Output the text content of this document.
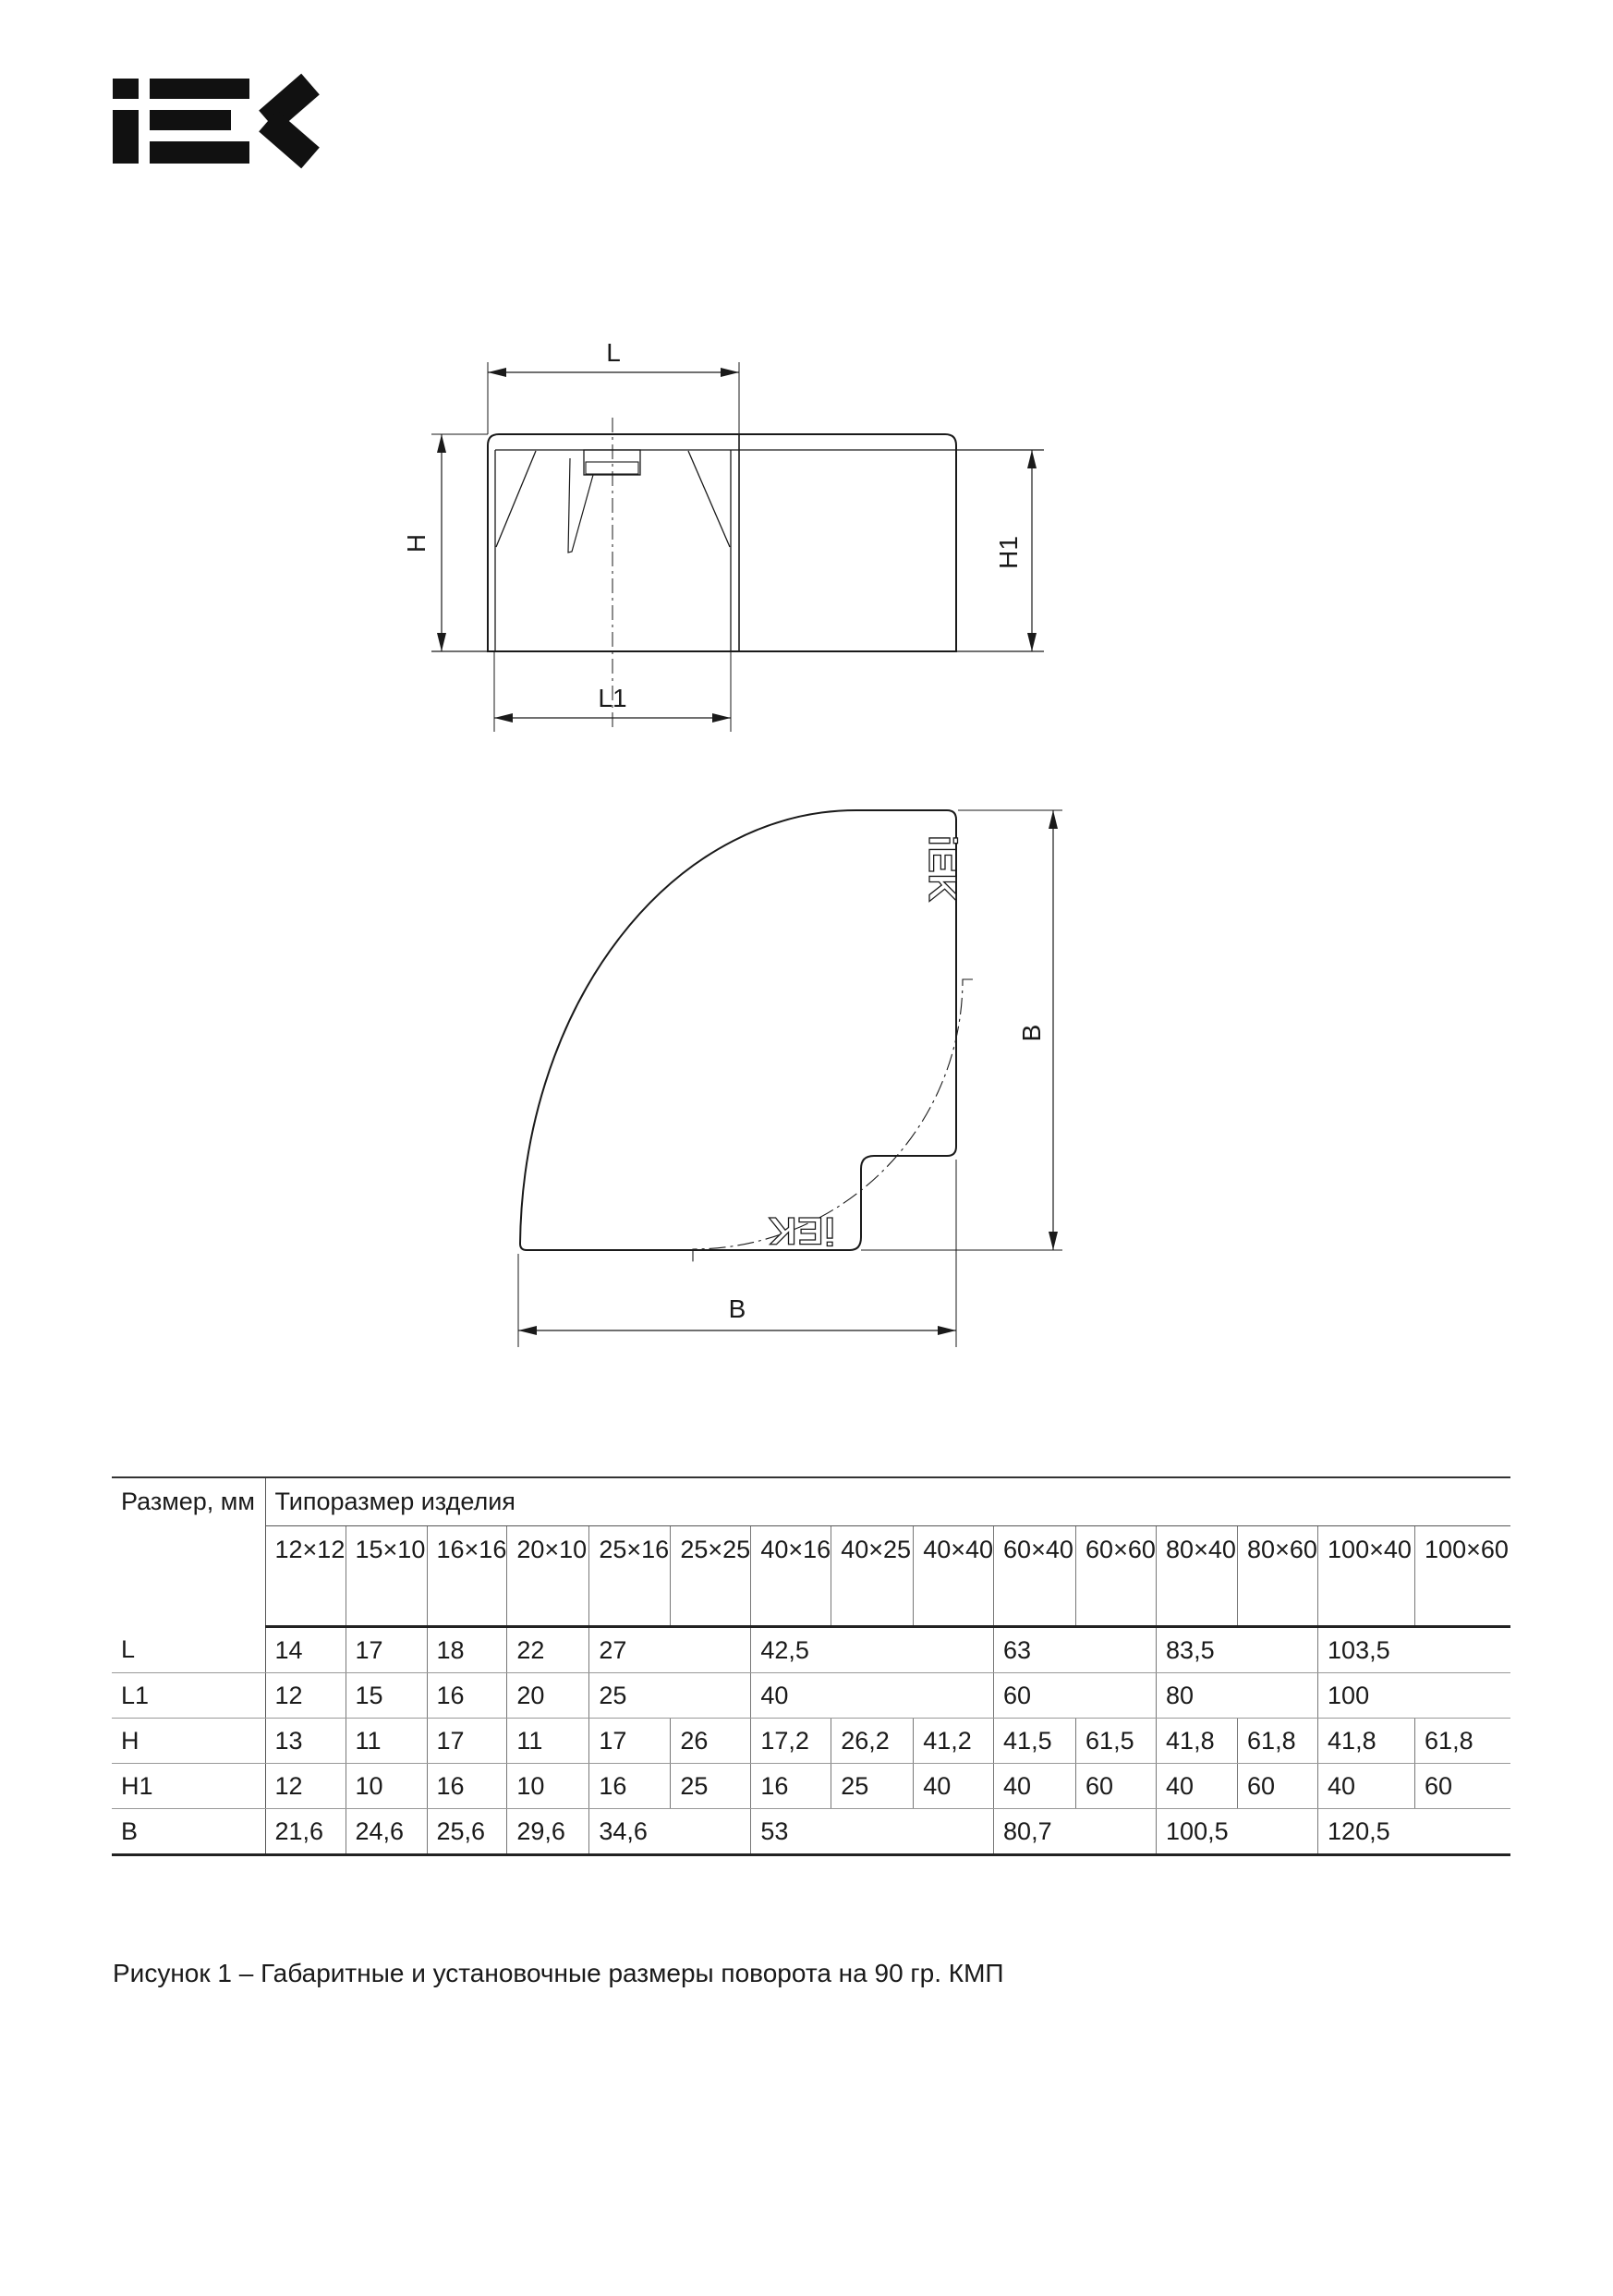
L
L1
H	H1
iEK
iEK
B
B
Размер, мм	Типоразмер изделия														
	12×12	15×10	16×16	20×10	25×16	25×25	40×16	40×25	40×40	60×40	60×60	80×40	80×60	100×40	100×60
L	14	17	18	22	27		42,5			63		83,5		103,5	
L1	12	15	16	20	25		40			60		80		100	
H	13	11	17	11	17	26	17,2	26,2	41,2	41,5	61,5	41,8	61,8	41,8	61,8
H1	12	10	16	10	16	25	16	25	40	40	60	40	60	40	60
B	21,6	24,6	25,6	29,6	34,6		53			80,7		100,5		120,5	
Рисунок 1 – Габаритные и установочные размеры поворота на 90 гр. КМП
